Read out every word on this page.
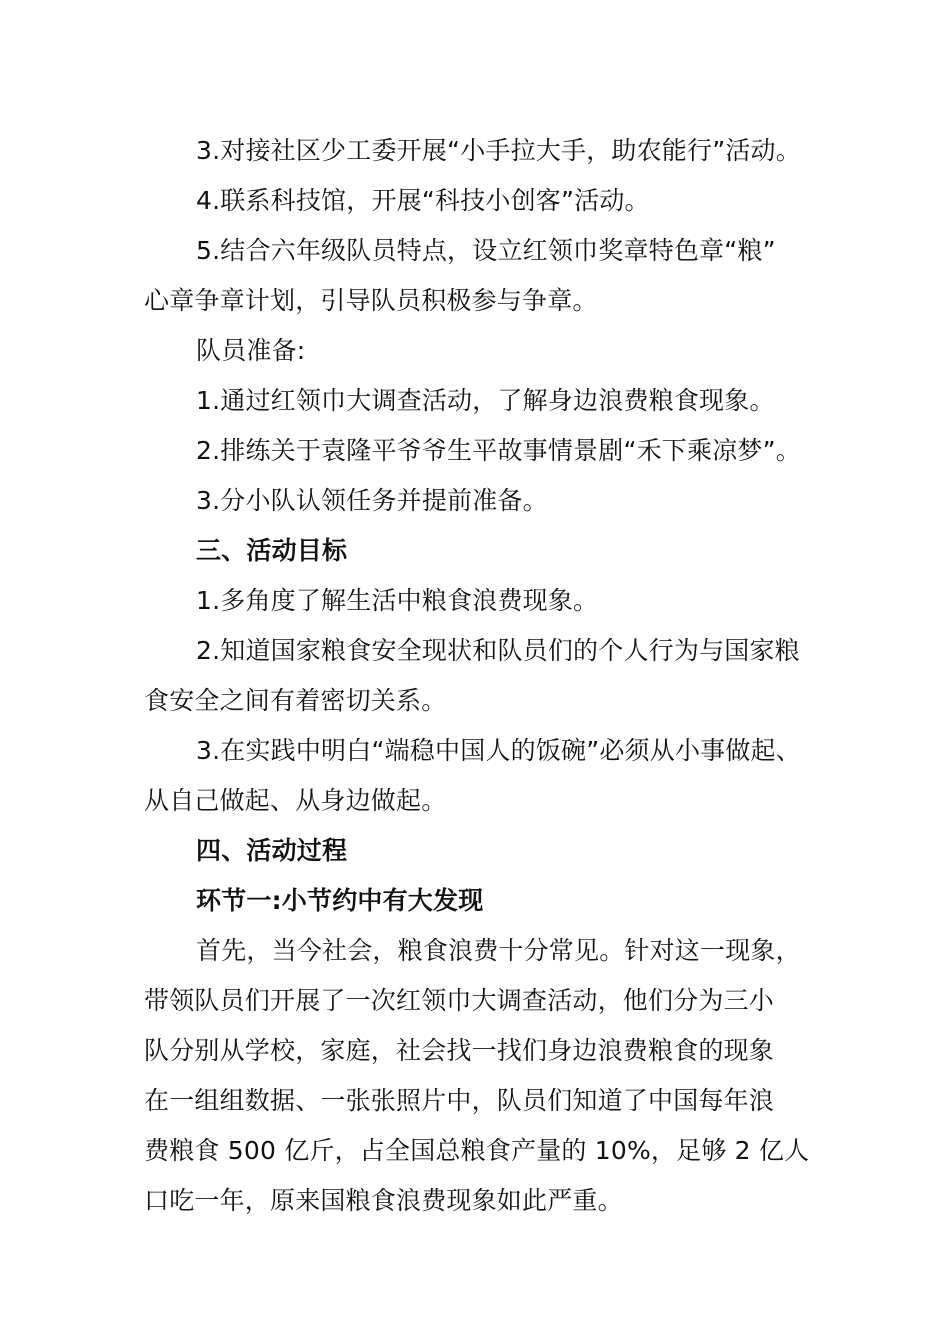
3.对接社区少工委开展“小手拉大手，助农能行”活动。
4.联系科技馆，开展“科技小创客”活动。
5.结合六年级队员特点，设立红领巾奖章特色章“粮”
心章争章计划，引导队员积极参与争章。
队员准备:
1.通过红领巾大调查活动，了解身边浪费粮食现象。
2.排练关于袁隆平爷爷生平故事情景剧“禾下乘凉梦”。
3.分小队认领任务并提前准备。
三、活动目标
1.多角度了解生活中粮食浪费现象。
2.知道国家粮食安全现状和队员们的个人行为与国家粮
食安全之间有着密切关系。
3.在实践中明白“端稳中国人的饭碗”必须从小事做起、
从自己做起、从身边做起。
四、活动过程
环节一:小节约中有大发现
首先，当今社会，粮食浪费十分常见。针对这一现象，
带领队员们开展了一次红领巾大调查活动，他们分为三小
队分别从学校，家庭，社会找一找们身边浪费粮食的现象
在一组组数据、一张张照片中，队员们知道了中国每年浪
费粮食 500 亿斤，占全国总粮食产量的 10%，足够 2 亿人
口吃一年，原来国粮食浪费现象如此严重。
